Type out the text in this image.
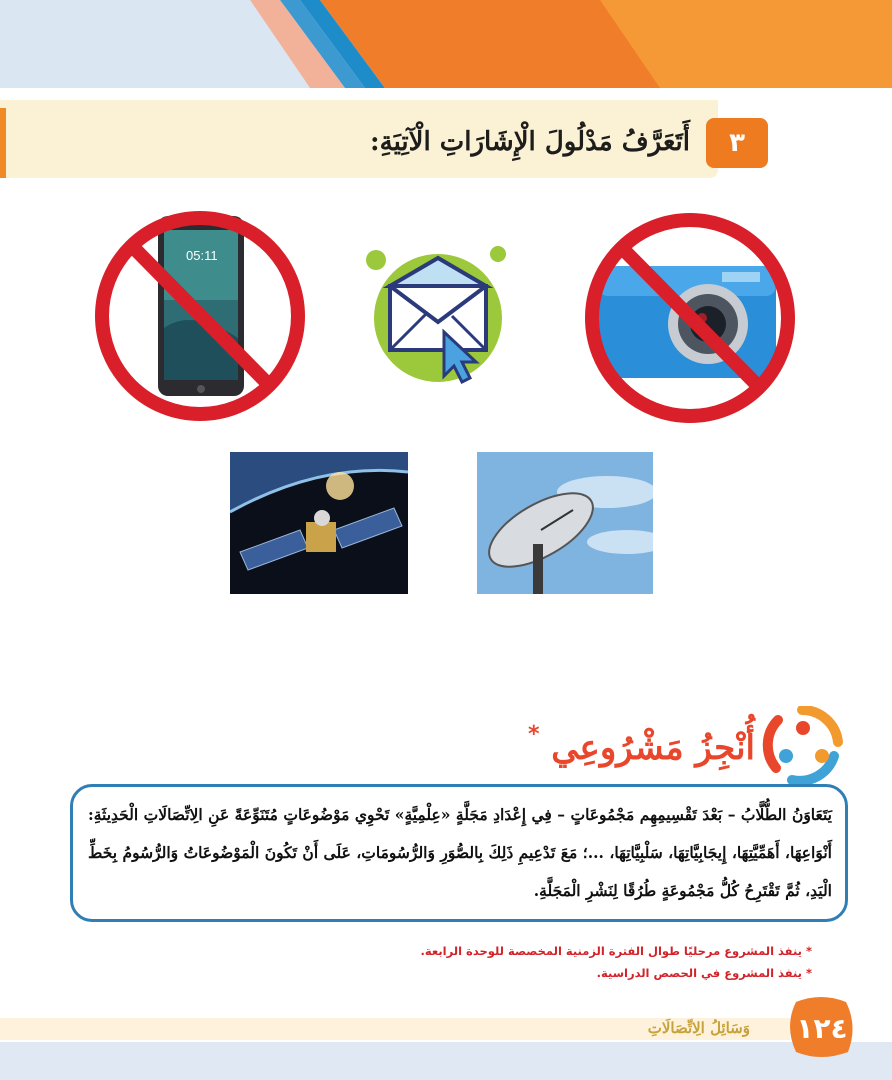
٣
أَتَعَرَّفُ مَدْلُولَ الْإِشَارَاتِ الْآتِيَةِ:
05:11
أُنْجِزُ مَشْرُوعِي
*
يَتَعَاوَنُ الطُّلَّابُ – بَعْدَ تَقْسِيمِهِم مَجْمُوعَاتٍ – فِي إِعْدَادِ مَجَلَّةٍ «عِلْمِيَّةٍ» تَحْوِي مَوْضُوعَاتٍ مُتَنَوِّعَةً عَنِ الِاتِّصَالَاتِ الْحَدِيثَةِ: أَنْوَاعِهَا، أَهَمِّيَّتِهَا، إِيجَابِيَّاتِهَا، سَلْبِيَّاتِهَا، ...؛ مَعَ تَدْعِيمِ ذَلِكَ بِالصُّوَرِ وَالرُّسُومَاتِ، عَلَى أَنْ تَكُونَ الْمَوْضُوعَاتُ وَالرُّسُومُ بِخَطِّ الْيَدِ، ثُمَّ تَقْتَرِحُ كُلُّ مَجْمُوعَةٍ طُرُقًا لِنَشْرِ الْمَجَلَّةِ.
* ينفذ المشروع مرحليًا طوال الفترة الزمنية المخصصة للوحدة الرابعة.
* ينفذ المشروع في الحصص الدراسية.
١٢٤
وَسَائِلُ الِاتِّصَالَاتِ
